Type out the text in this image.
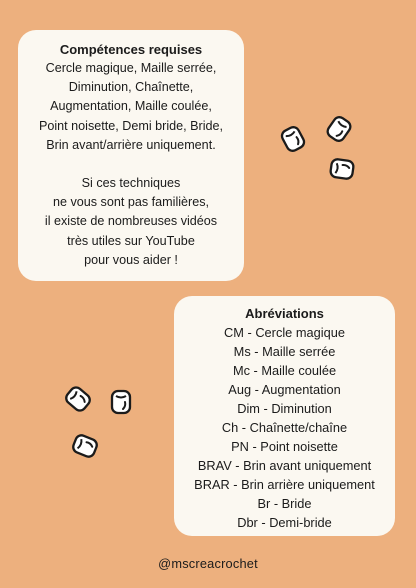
Compétences requises
Cercle magique, Maille serrée,
Diminution, Chaînette,
Augmentation, Maille coulée,
Point noisette, Demi bride, Bride,
Brin avant/arrière uniquement.
Si ces techniques
ne vous sont pas familières,
il existe de nombreuses vidéos
très utiles sur YouTube
pour vous aider !
Abréviations
CM - Cercle magique
Ms - Maille serrée
Mc - Maille coulée
Aug - Augmentation
Dim - Diminution
Ch - Chaînette/chaîne
PN - Point noisette
BRAV - Brin avant uniquement
BRAR - Brin arrière uniquement
Br - Bride
Dbr - Demi-bride
@mscreacrochet
